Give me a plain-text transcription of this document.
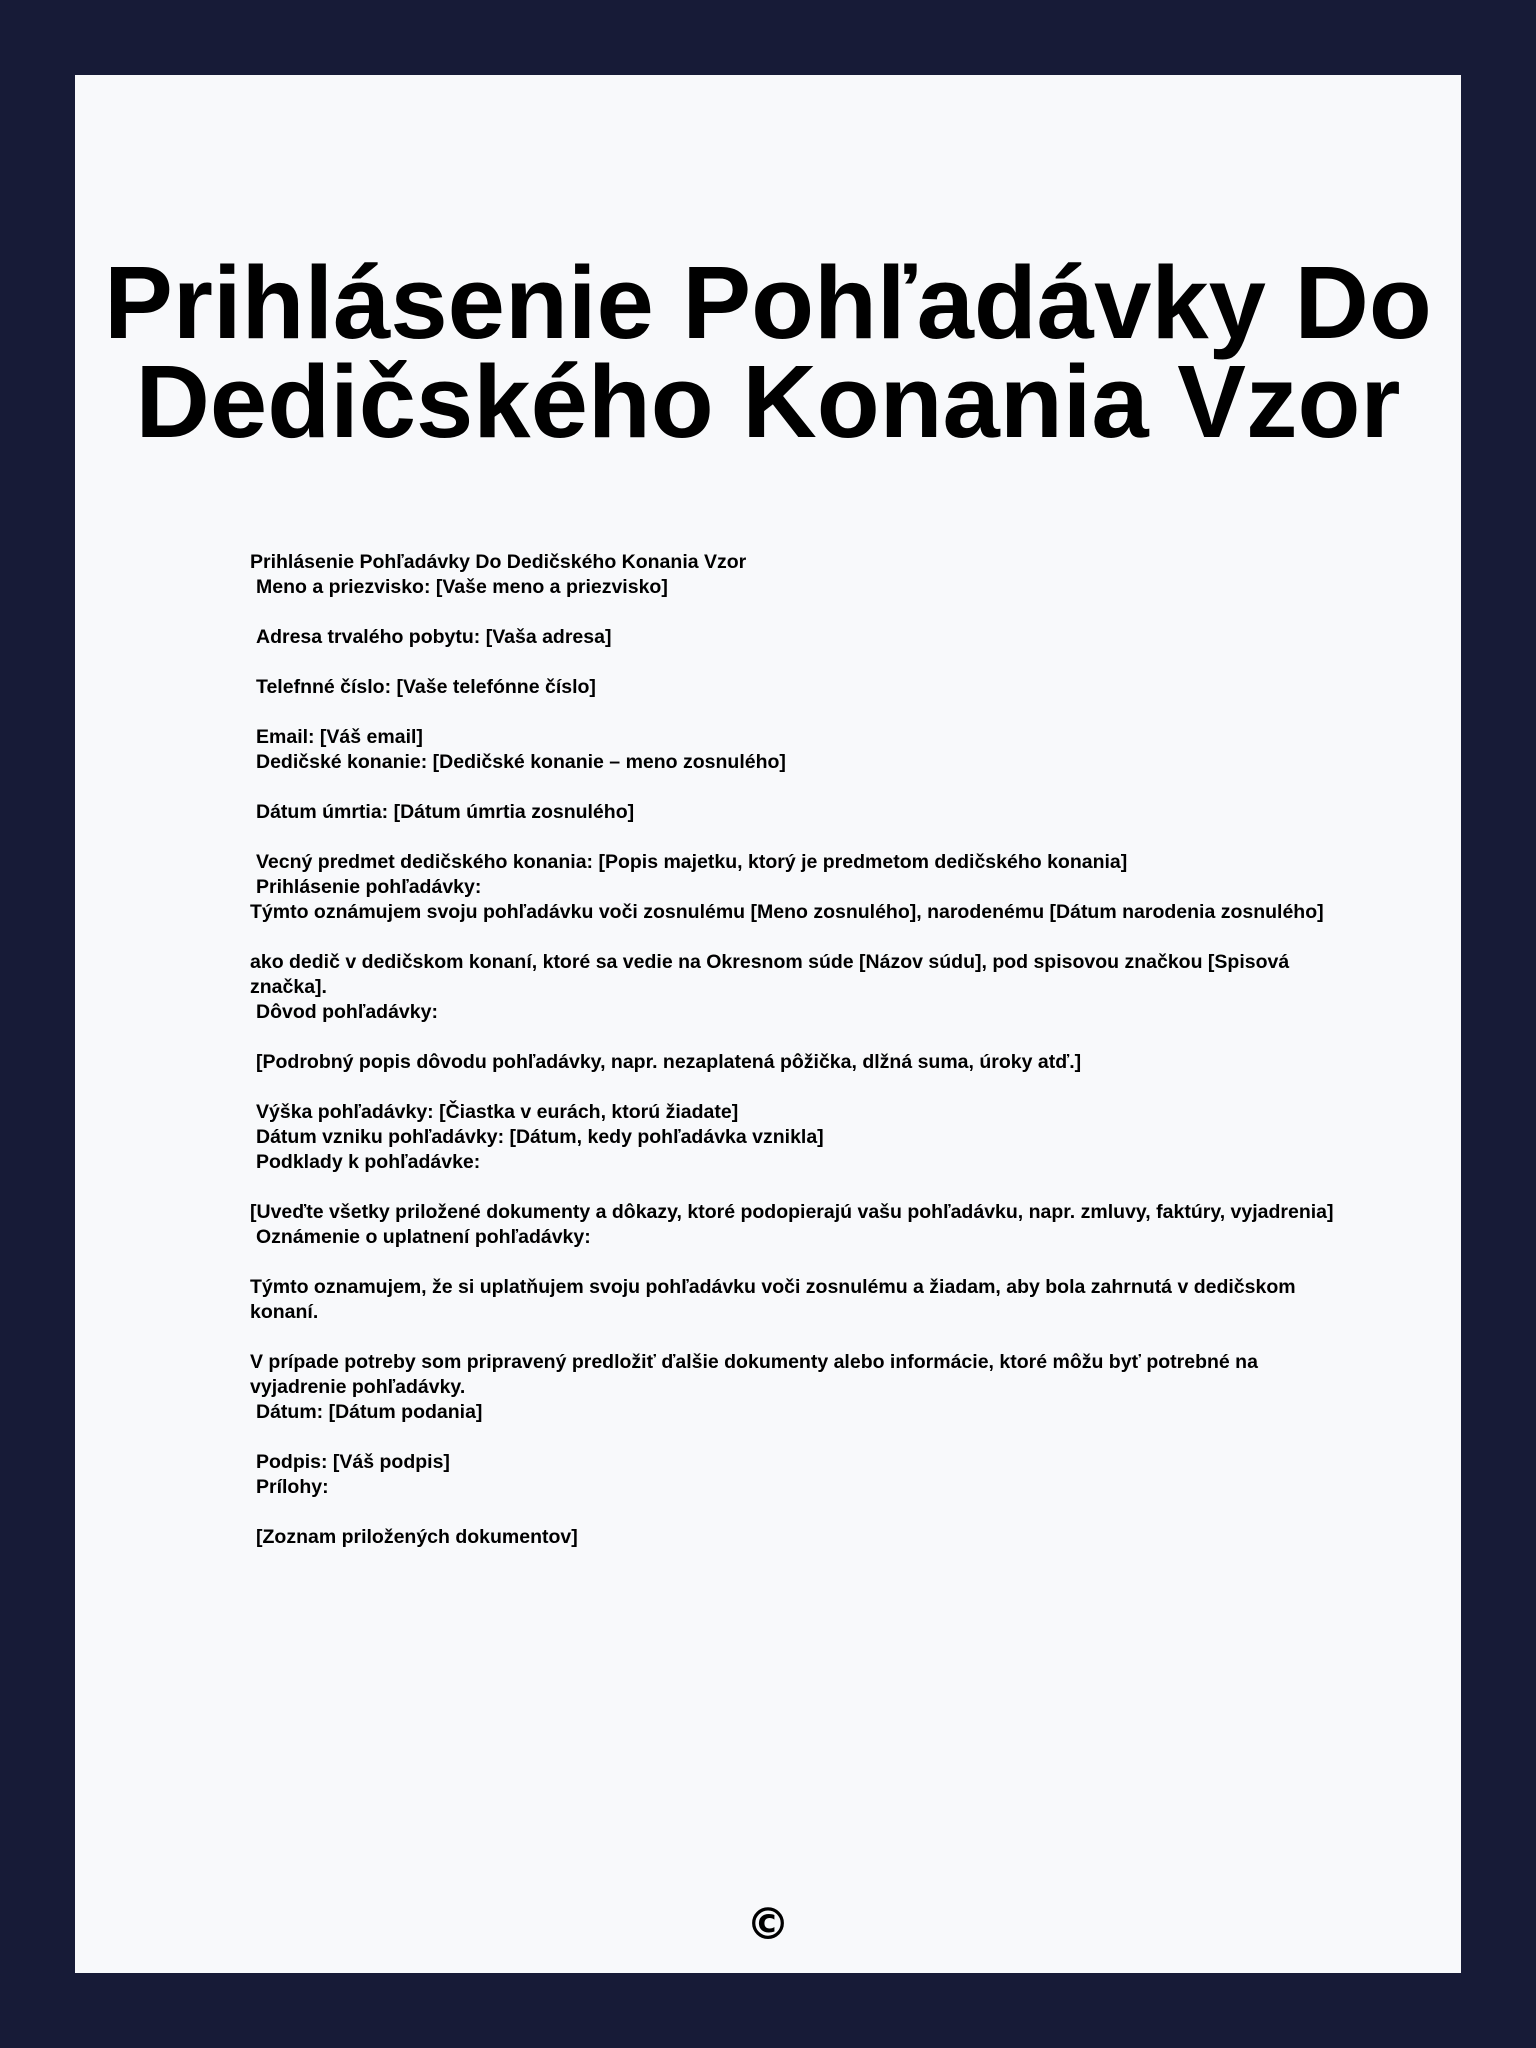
Prihlásenie Pohľadávky Do Dedičského Konania Vzor
Prihlásenie Pohľadávky Do Dedičského Konania Vzor
Meno a priezvisko: [Vaše meno a priezvisko]
Adresa trvalého pobytu: [Vaša adresa]
Telefnné číslo: [Vaše telefónne číslo]
Email: [Váš email]
Dedičské konanie: [Dedičské konanie – meno zosnulého]
Dátum úmrtia: [Dátum úmrtia zosnulého]
Vecný predmet dedičského konania: [Popis majetku, ktorý je predmetom dedičského konania]
Prihlásenie pohľadávky:
Týmto oznámujem svoju pohľadávku voči zosnulému [Meno zosnulého], narodenému [Dátum narodenia zosnulého]
ako dedič v dedičskom konaní, ktoré sa vedie na Okresnom súde [Názov súdu], pod spisovou značkou [Spisová značka].
Dôvod pohľadávky:
[Podrobný popis dôvodu pohľadávky, napr. nezaplatená pôžička, dlžná suma, úroky atď.]
Výška pohľadávky: [Čiastka v eurách, ktorú žiadate]
Dátum vzniku pohľadávky: [Dátum, kedy pohľadávka vznikla]
Podklady k pohľadávke:
[Uveďte všetky priložené dokumenty a dôkazy, ktoré podopierajú vašu pohľadávku, napr. zmluvy, faktúry, vyjadrenia]
Oznámenie o uplatnení pohľadávky:
Týmto oznamujem, že si uplatňujem svoju pohľadávku voči zosnulému a žiadam, aby bola zahrnutá v dedičskom konaní.
V prípade potreby som pripravený predložiť ďalšie dokumenty alebo informácie, ktoré môžu byť potrebné na vyjadrenie pohľadávky.
Dátum: [Dátum podania]
Podpis: [Váš podpis]
Prílohy:
[Zoznam priložených dokumentov]
©
